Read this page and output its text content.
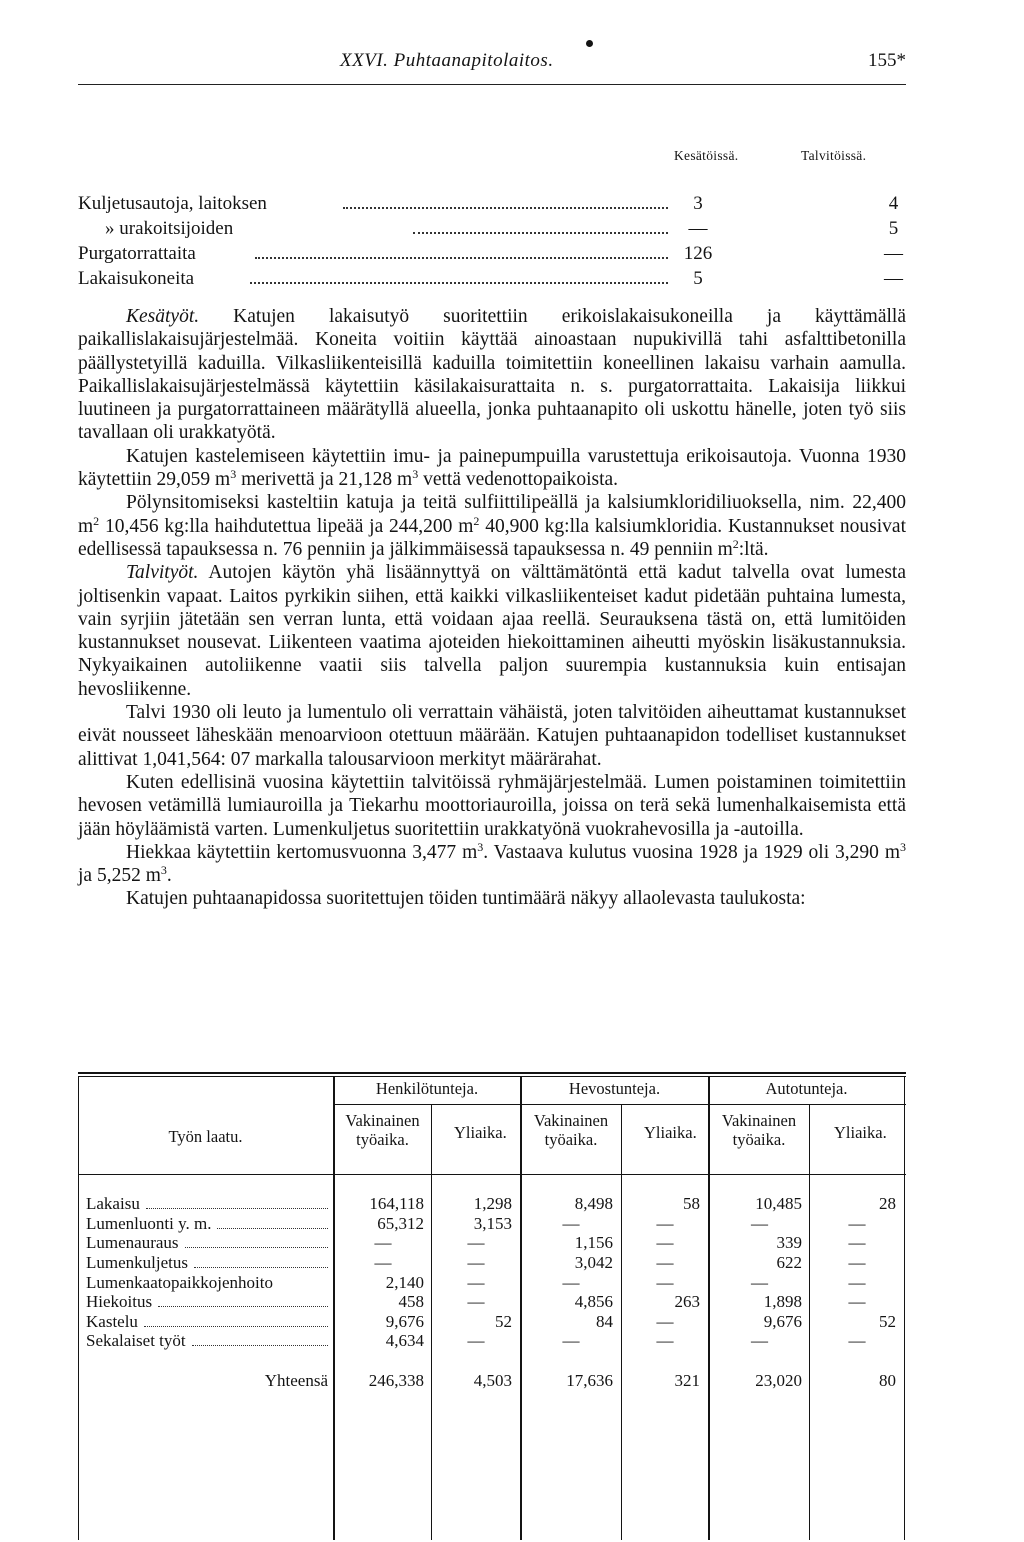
XXVI. Puhtaanapitolaitos.	155*
Kesätöissä.	Talvitöissä.
Kuljetusautoja, laitoksen	3	4
» urakoitsijoiden	—	5
Purgatorrattaita	126	—
Lakaisukoneita	5	—

Kesätyöt. Katujen lakaisutyö suoritettiin erikoislakaisukoneilla ja käyttämällä paikallislakaisujärjestelmää. Koneita voitiin käyttää ainoastaan nupukivillä tahi asfalttibetonilla päällystetyillä kaduilla. Vilkasliikenteisillä kaduilla toimitettiin koneellinen lakaisu varhain aamulla. Paikallislakaisujärjestelmässä käytettiin käsilakaisurattaita n. s. purgatorrattaita. Lakaisija liikkui luutineen ja purgatorrattaineen määrätyllä alueella, jonka puhtaanapito oli uskottu hänelle, joten työ siis tavallaan oli urakkatyötä.

Katujen kastelemiseen käytettiin imu- ja painepumpuilla varustettuja erikoisautoja. Vuonna 1930 käytettiin 29,059 $m^3$ merivettä ja 21,128 $m^3$ vettä vedenottopaikoista.

Pölynsitomiseksi kasteltiin katuja ja teitä sulfiittilipeällä ja kalsiumkloridiliuoksella, nim. 22,400 $m^2$ 10,456 kg:lla haihdutettua lipeää ja 244,200 $m^2$ 40,900 kg:lla kalsiumkloridia. Kustannukset nousivat edellisessä tapauksessa n. 76 penniin ja jälkimmäisessä tapauksessa n. 49 penniin $m^2:ltä$.

Talvityöt. Autojen käytön yhä lisäännyttyä on välttämätöntä että kadut talvella ovat lumesta joltisenkin vapaat. Laitos pyrkikin siihen, että kaikki vilkasliikenteiset kadut pidetään puhtaina lumesta, vain syrjiin jätetään sen verran lunta, että voidaan ajaa reellä. Seurauksena tästä on, että lumitöiden kustannukset nousevat. Liikenteen vaatima ajoteiden hiekoittaminen aiheutti myöskin lisäkustannuksia. Nykyaikainen autoliikenne vaatii siis talvella paljon suurempia kustannuksia kuin entisajan hevosliikenne.

Talvi 1930 oli leuto ja lumentulo oli verrattain vähäistä, joten talvitöiden aiheuttamat kustannukset eivät nousseet läheskään menoarvioon otettuun määrään. Katujen puhtaanapidon todelliset kustannukset alittivat 1,041,564: 07 markalla talousarvioon merkityt määrärahat.

Kuten edellisinä vuosina käytettiin talvitöissä ryhmäjärjestelmää. Lumen poistaminen toimitettiin hevosen vetämillä lumiauroilla ja Tiekarhu moottoriauroilla, joissa on terä sekä lumenhalkaisemista että jään höyläämistä varten. Lumenkuljetus suoritettiin urakkatyönä vuokrahevosilla ja -autoilla.

Hiekkaa käytettiin kertomusvuonna 3,477 $m^3$. Vastaava kulutus vuosina 1928 ja 1929 oli 3,290 $m^3$ ja 5,252 $m^3$.

Katujen puhtaanapidossa suoritettujen töiden tuntimäärä näkyy allaolevasta taulukosta:

Työn laatu.
Henkilötunteja.	Hevostunteja.	Autotunteja.
Vakinainen työaika.	Yliaika.
Vakinainen työaika.	Yliaika.
Vakinainen työaika.	Yliaika.
Lakaisu	164,118	1,298	8,498	58	10,485	28
Lumenluonti y. m.	65,312	3,153	—	—	—	—
Lumenauraus	—	—	1,156	—	339	—
Lumenkuljetus	—	—	3,042	—	622	—
Lumenkaatopaikkojenhoito	2,140	—	—	—	—	—
Hiekoitus	458	—	4,856	263	1,898	—
Kastelu	9,676	52	84	—	9,676	52
Sekalaiset työt	4,634	—	—	—	—	—
Yhteensä	246,338	4,503	17,636	321	23,020	80
